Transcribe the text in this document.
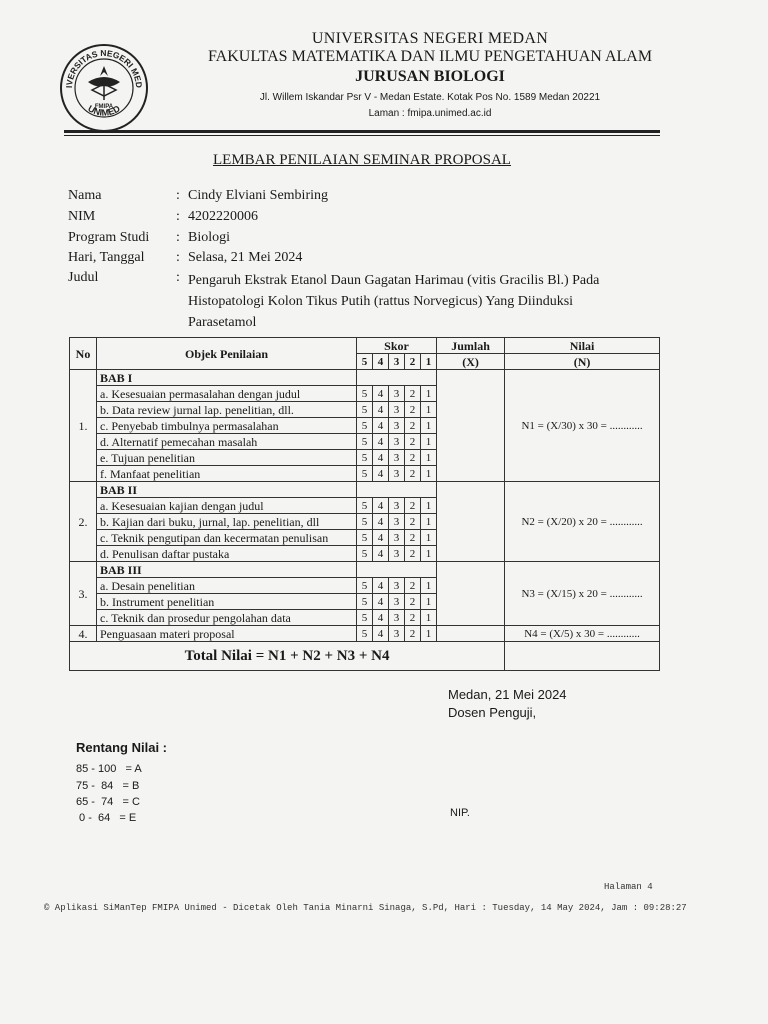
IVERSITAS NEGERI MED
UNIMED
FMIPA
UNIVERSITAS NEGERI MEDAN
FAKULTAS MATEMATIKA DAN ILMU PENGETAHUAN ALAM
JURUSAN BIOLOGI
Jl. Willem Iskandar Psr V - Medan Estate. Kotak Pos No. 1589 Medan 20221
Laman : fmipa.unimed.ac.id
LEMBAR PENILAIAN SEMINAR PROPOSAL
Nama	: Cindy Elviani Sembiring
NIM	: 4202220006
Program Studi : Biologi
Hari, Tanggal : Selasa, 21 Mei 2024
Judul	: Pengaruh Ekstrak Etanol Daun Gagatan Harimau (vitis Gracilis Bl.) Pada Histopatologi Kolon Tikus Putih (rattus Norvegicus) Yang Diinduksi Parasetamol
No	Objek Penilaian	Skor					Jumlah	Nilai
		5	4	3	2	1	(X)	(N)
1.	BAB I							N1 = (X/30) x 30 = ............
	a. Kesesuaian permasalahan dengan judul	5	4	3	2	1		
	b. Data review jurnal lap. penelitian, dll.	5	4	3	2	1		
	c. Penyebab timbulnya permasalahan	5	4	3	2	1		
	d. Alternatif pemecahan masalah	5	4	3	2	1		
	e. Tujuan penelitian	5	4	3	2	1		
	f. Manfaat penelitian	5	4	3	2	1		
2.	BAB II							N2 = (X/20) x 20 = ............
	a. Kesesuaian kajian dengan judul	5	4	3	2	1		
	b. Kajian dari buku, jurnal, lap. penelitian, dll	5	4	3	2	1		
	c. Teknik pengutipan dan kecermatan penulisan	5	4	3	2	1		
	d. Penulisan daftar pustaka	5	4	3	2	1		
3.	BAB III							N3 = (X/15) x 20 = ............
	a. Desain penelitian	5	4	3	2	1		
	b. Instrument penelitian	5	4	3	2	1		
	c. Teknik dan prosedur pengolahan data	5	4	3	2	1		
4.	Penguasaan materi proposal	5	4	3	2	1		N4 = (X/5) x 30 = ............
Total Nilai = N1 + N2 + N3 + N4								
Medan, 21 Mei 2024
Dosen Penguji,
NIP.
Rentang Nilai :
85 - 100   = A
75 -  84   = B
65 -  74   = C
0 -  64   = E
Halaman 4
© Aplikasi SiManTep FMIPA Unimed - Dicetak Oleh Tania Minarni Sinaga, S.Pd, Hari : Tuesday, 14 May 2024, Jam : 09:28:27
